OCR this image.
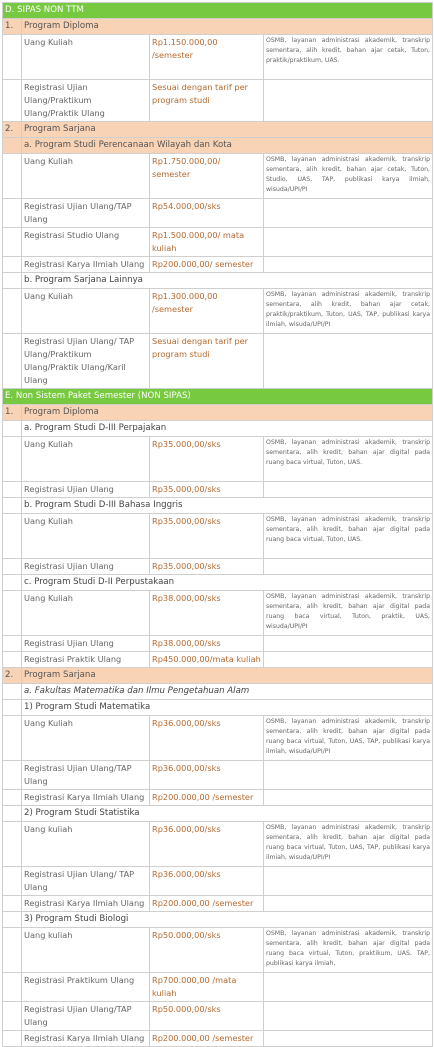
D. SIPAS NON TTM			
1.	Program Diploma		
	Uang Kuliah	Rp1.150.000,00 /semester	OSMB, layanan administrasi akademik, transkrip sementara, alih kredit, bahan ajar cetak, Tuton, praktik/praktikum, UAS.
	Registrasi Ujian Ulang/Praktikum Ulang/Praktik Ulang	Sesuai dengan tarif per program studi	
2.	Program Sarjana		
	a. Program Studi Perencanaan Wilayah dan Kota		
	Uang Kuliah	Rp1.750.000,00/ semester	OSMB, layanan administrasi akademik, transkrip sementara, alih kredit, bahan ajar cetak, Tuton, Studio, UAS, TAP, publikasi karya ilmiah, wisuda/UPI/PI
	Registrasi Ujian Ulang/TAP Ulang	Rp54.000,00/sks	
	Registrasi Studio Ulang	Rp1.500.000,00/ mata kuliah	
	Registrasi Karya Ilmiah Ulang	Rp200.000,00/ semester	
	b. Program Sarjana Lainnya		
	Uang Kuliah	Rp1.300.000,00 /semester	OSMB, layanan administrasi akademik, transkrip sementara, alih kredit, bahan ajar cetak, praktik/praktikum, Tuton, UAS, TAP, publikasi karya ilmiah, wisuda/UPI/PI
	Registrasi Ujian Ulang/ TAP Ulang/Praktikum Ulang/Praktik Ulang/Karil Ulang	Sesuai dengan tarif per program studi	
E. Non Sistem Paket Semester (NON SIPAS)			
1.	Program Diploma		
	a. Program Studi D-III Perpajakan		
	Uang Kuliah	Rp35.000,00/sks	OSMB, layanan administrasi akademik, transkrip sementara, alih kredit, bahan ajar digital pada ruang baca virtual, Tuton, UAS.
	Registrasi Ujian Ulang	Rp35.000,00/sks	
	b. Program Studi D-III Bahasa Inggris		
	Uang Kuliah	Rp35.000,00/sks	OSMB, layanan administrasi akademik, transkrip sementara, alih kredit, bahan ajar digital pada ruang baca virtual, Tuton, UAS.
	Registrasi Ujian Ulang	Rp35.000,00/sks	
	c. Program Studi D-II Perpustakaan		
	Uang Kuliah	Rp38.000,00/sks	OSMB, layanan administrasi akademik, transkrip sementara, alih kredit, bahan ajar digital pada ruang baca virtual, Tuton, praktik, UAS, wisuda/UPI/PI
	Registrasi Ujian Ulang	Rp38.000,00/sks	
	Registrasi Praktik Ulang	Rp450.000,00/mata kuliah	
2.	Program Sarjana		
	a. Fakultas Matematika dan Ilmu Pengetahuan Alam		
	1) Program Studi Matematika		
	Uang Kuliah	Rp36.000,00/sks	OSMB, layanan administrasi akademik, transkrip sementara, alih kredit, bahan ajar digital pada ruang baca virtual, Tuton, UAS, TAP, publikasi karya ilmiah, wisuda/UPI/PI
	Registrasi Ujian Ulang/TAP Ulang	Rp36.000,00/sks	
	Registrasi Karya Ilmiah Ulang	Rp200.000,00 /semester	
	2) Program Studi Statistika		
	Uang kuliah	Rp36.000,00/sks	OSMB, layanan administrasi akademik, transkrip sementara, alih kredit, bahan ajar digital pada ruang baca virtual, Tuton, UAS, TAP, publikasi karya ilmiah, wisuda/UPI/PI
	Registrasi Ujian Ulang/ TAP Ulang	Rp36.000,00/sks	
	Registrasi Karya Ilmiah Ulang	Rp200.000,00 /semester	
	3) Program Studi Biologi		
	Uang kuliah	Rp50.000,00/sks	OSMB, layanan administrasi akademik, transkrip sementara, alih kredit, bahan ajar digital pada ruang baca virtual, Tuton, praktikum, UAS, TAP, publikasi karya ilmiah,
	Registrasi Praktikum Ulang	Rp700.000,00 /mata kuliah	
	Registrasi Ujian Ulang/TAP Ulang	Rp50.000,00/sks	
	Registrasi Karya Ilmiah Ulang	Rp200.000,00 /semester	
